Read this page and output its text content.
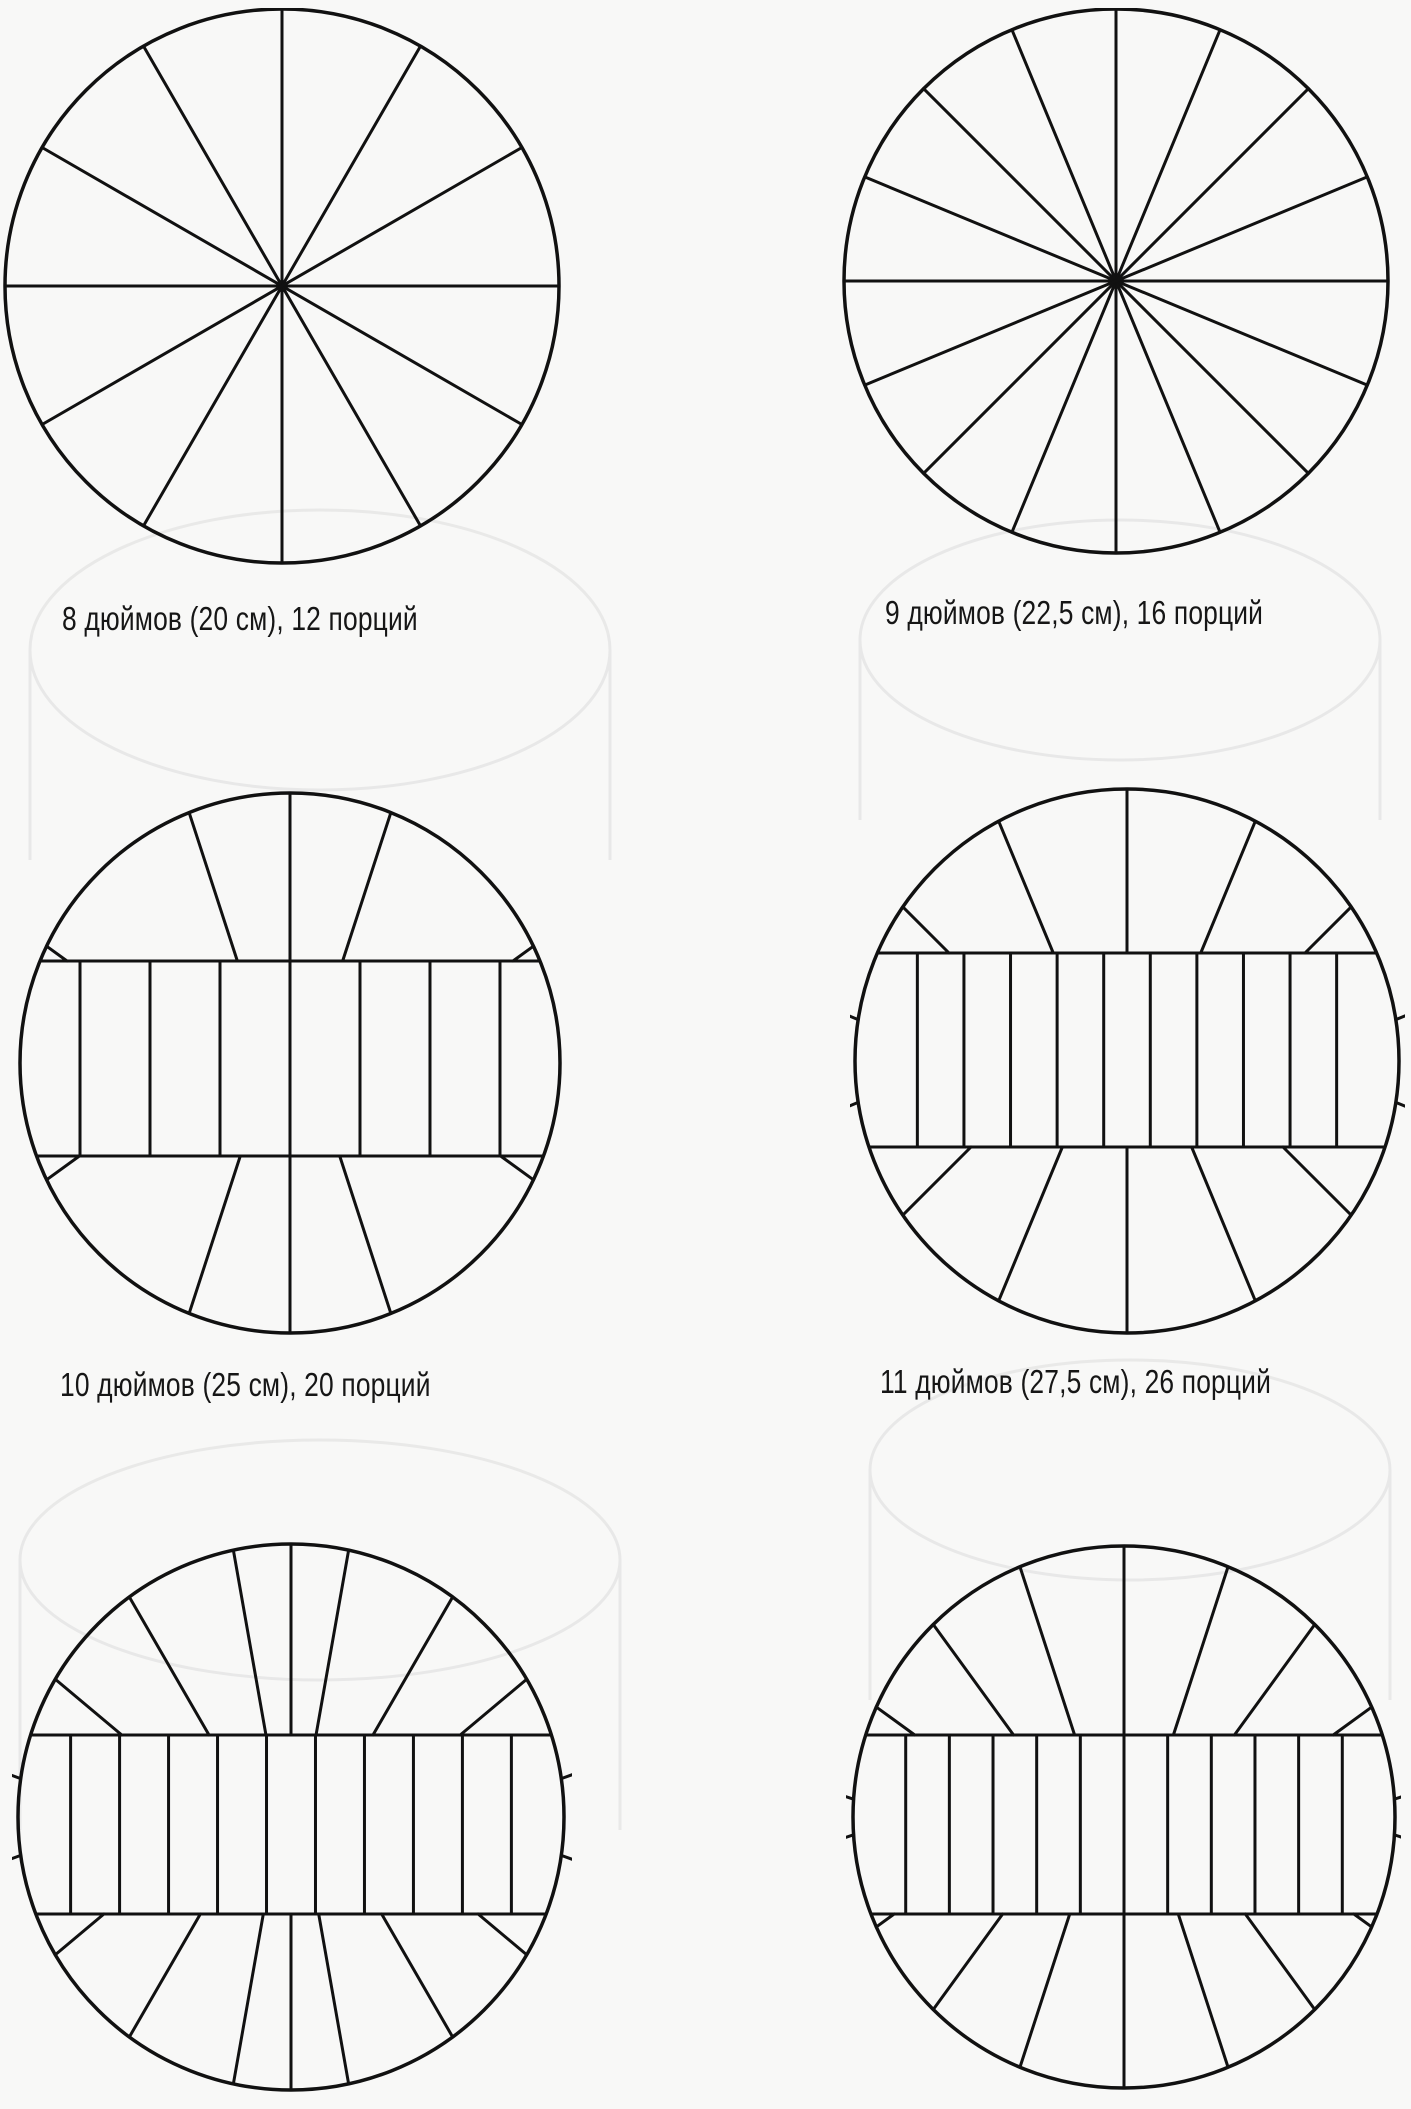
8 дюймов (20 см), 12 порций	9 дюймов (22,5 см), 16 порций
10 дюймов (25 см), 20 порций	11 дюймов (27,5 см), 26 порций
